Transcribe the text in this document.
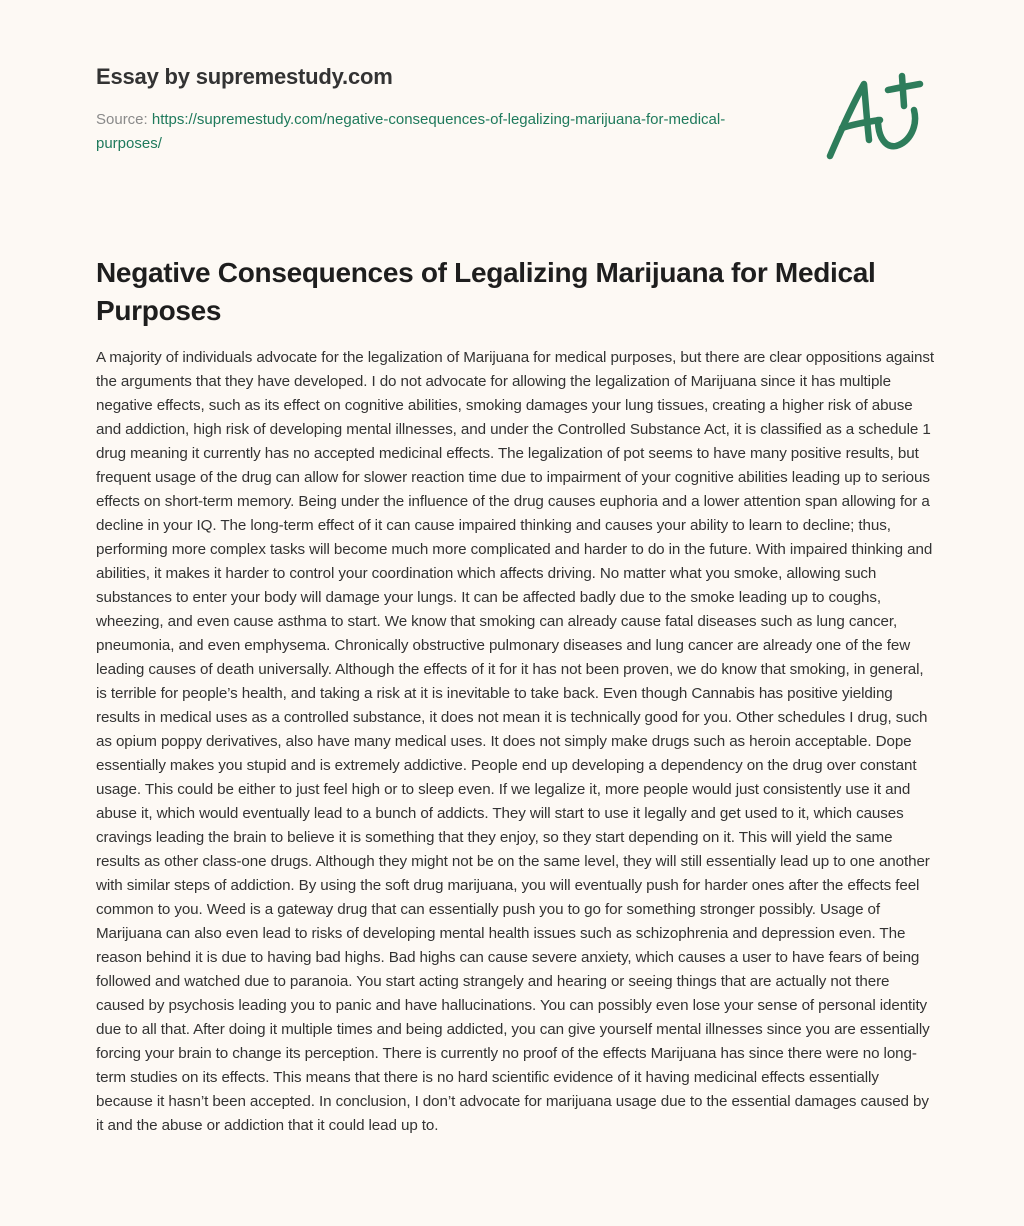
Essay by supremestudy.com
Source: https://supremestudy.com/negative-consequences-of-legalizing-marijuana-for-medical-purposes/
Negative Consequences of Legalizing Marijuana for Medical Purposes

A majority of individuals advocate for the legalization of Marijuana for medical purposes, but there are clear oppositions against the arguments that they have developed. I do not advocate for allowing the legalization of Marijuana since it has multiple negative effects, such as its effect on cognitive abilities, smoking damages your lung tissues, creating a higher risk of abuse and addiction, high risk of developing mental illnesses, and under the Controlled Substance Act, it is classified as a schedule 1 drug meaning it currently has no accepted medicinal effects. The legalization of pot seems to have many positive results, but frequent usage of the drug can allow for slower reaction time due to impairment of your cognitive abilities leading up to serious effects on short-term memory. Being under the influence of the drug causes euphoria and a lower attention span allowing for a decline in your IQ. The long-term effect of it can cause impaired thinking and causes your ability to learn to decline; thus, performing more complex tasks will become much more complicated and harder to do in the future. With impaired thinking and abilities, it makes it harder to control your coordination which affects driving. No matter what you smoke, allowing such substances to enter your body will damage your lungs. It can be affected badly due to the smoke leading up to coughs, wheezing, and even cause asthma to start. We know that smoking can already cause fatal diseases such as lung cancer, pneumonia, and even emphysema. Chronically obstructive pulmonary diseases and lung cancer are already one of the few leading causes of death universally. Although the effects of it for it has not been proven, we do know that smoking, in general, is terrible for people’s health, and taking a risk at it is inevitable to take back. Even though Cannabis has positive yielding results in medical uses as a controlled substance, it does not mean it is technically good for you. Other schedules I drug, such as opium poppy derivatives, also have many medical uses. It does not simply make drugs such as heroin acceptable. Dope essentially makes you stupid and is extremely addictive. People end up developing a dependency on the drug over constant usage. This could be either to just feel high or to sleep even. If we legalize it, more people would just consistently use it and abuse it, which would eventually lead to a bunch of addicts. They will start to use it legally and get used to it, which causes cravings leading the brain to believe it is something that they enjoy, so they start depending on it. This will yield the same results as other class-one drugs. Although they might not be on the same level, they will still essentially lead up to one another with similar steps of addiction. By using the soft drug marijuana, you will eventually push for harder ones after the effects feel common to you. Weed is a gateway drug that can essentially push you to go for something stronger possibly. Usage of Marijuana can also even lead to risks of developing mental health issues such as schizophrenia and depression even. The reason behind it is due to having bad highs. Bad highs can cause severe anxiety, which causes a user to have fears of being followed and watched due to paranoia. You start acting strangely and hearing or seeing things that are actually not there caused by psychosis leading you to panic and have hallucinations. You can possibly even lose your sense of personal identity due to all that. After doing it multiple times and being addicted, you can give yourself mental illnesses since you are essentially forcing your brain to change its perception. There is currently no proof of the effects Marijuana has since there were no long-term studies on its effects. This means that there is no hard scientific evidence of it having medicinal effects essentially because it hasn’t been accepted. In conclusion, I don’t advocate for marijuana usage due to the essential damages caused by it and the abuse or addiction that it could lead up to.
